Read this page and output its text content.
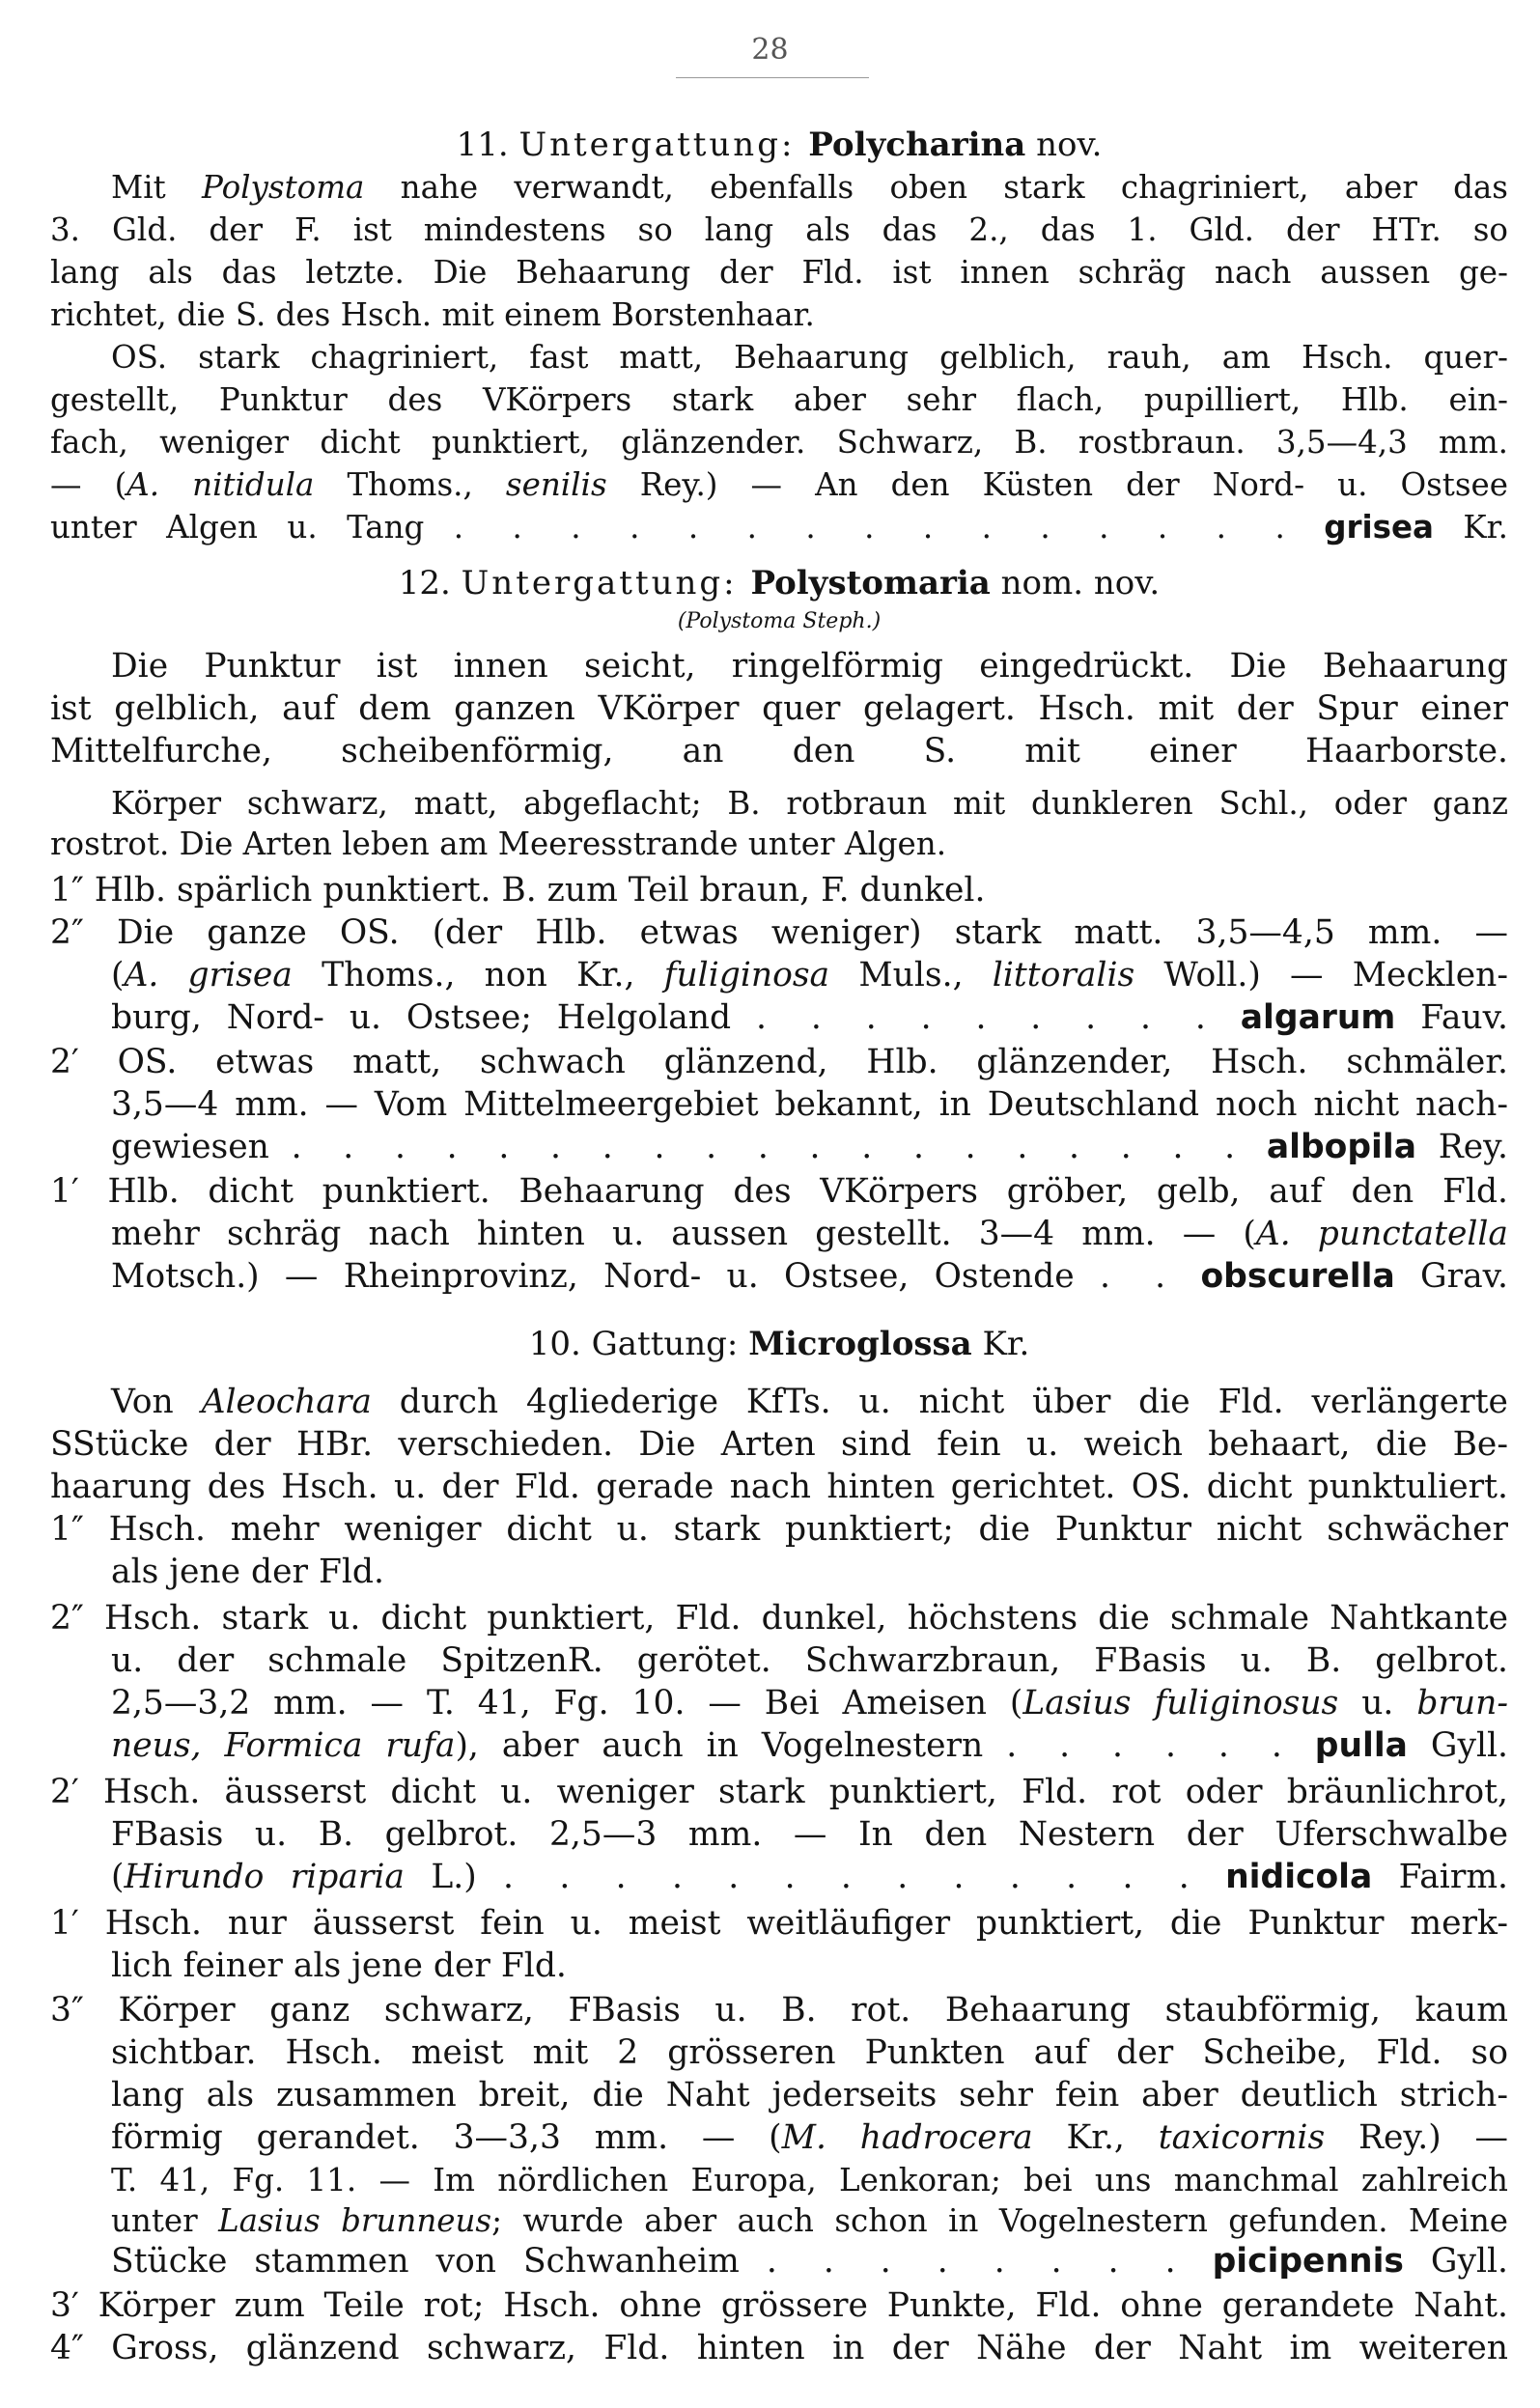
28
11. Untergattung: Polycharina nov.
Mit Polystoma nahe verwandt, ebenfalls oben stark chagriniert, aber das
3. Gld. der F. ist mindestens so lang als das 2., das 1. Gld. der HTr. so
lang als das letzte. Die Behaarung der Fld. ist innen schräg nach aussen ge-
richtet, die S. des Hsch. mit einem Borstenhaar.
OS. stark chagriniert, fast matt, Behaarung gelblich, rauh, am Hsch. quer-
gestellt, Punktur des VKörpers stark aber sehr flach, pupilliert, Hlb. ein-
fach, weniger dicht punktiert, glänzender. Schwarz, B. rostbraun. 3,5—4,3 mm.
— (A. nitidula Thoms., senilis Rey.) — An den Küsten der Nord- u. Ostsee
unter Algen u. Tang . . . . . . . . . . . . . . . grisea Kr.
12. Untergattung: Polystomaria nom. nov.
(Polystoma Steph.)
Die Punktur ist innen seicht, ringelförmig eingedrückt. Die Behaarung
ist gelblich, auf dem ganzen VKörper quer gelagert. Hsch. mit der Spur einer
Mittelfurche, scheibenförmig, an den S. mit einer Haarborste.
Körper schwarz, matt, abgeflacht; B. rotbraun mit dunkleren Schl., oder ganz
rostrot. Die Arten leben am Meeresstrande unter Algen.
1″ Hlb. spärlich punktiert. B. zum Teil braun, F. dunkel.
2″ Die ganze OS. (der Hlb. etwas weniger) stark matt. 3,5—4,5 mm. —
(A. grisea Thoms., non Kr., fuliginosa Muls., littoralis Woll.) — Mecklen-
burg, Nord- u. Ostsee; Helgoland . . . . . . . . . algarum Fauv.
2′ OS. etwas matt, schwach glänzend, Hlb. glänzender, Hsch. schmäler.
3,5—4 mm. — Vom Mittelmeergebiet bekannt, in Deutschland noch nicht nach-
gewiesen . . . . . . . . . . . . . . . . . . . albopila Rey.
1′ Hlb. dicht punktiert. Behaarung des VKörpers gröber, gelb, auf den Fld.
mehr schräg nach hinten u. aussen gestellt. 3—4 mm. — (A. punctatella
Motsch.) — Rheinprovinz, Nord- u. Ostsee, Ostende . . obscurella Grav.
10. Gattung: Microglossa Kr.
Von Aleochara durch 4gliederige KfTs. u. nicht über die Fld. verlängerte
SStücke der HBr. verschieden. Die Arten sind fein u. weich behaart, die Be-
haarung des Hsch. u. der Fld. gerade nach hinten gerichtet. OS. dicht punktuliert.
1″ Hsch. mehr weniger dicht u. stark punktiert; die Punktur nicht schwächer
als jene der Fld.
2″ Hsch. stark u. dicht punktiert, Fld. dunkel, höchstens die schmale Nahtkante
u. der schmale SpitzenR. gerötet. Schwarzbraun, FBasis u. B. gelbrot.
2,5—3,2 mm. — T. 41, Fg. 10. — Bei Ameisen (Lasius fuliginosus u. brun-
neus, Formica rufa), aber auch in Vogelnestern . . . . . . pulla Gyll.
2′ Hsch. äusserst dicht u. weniger stark punktiert, Fld. rot oder bräunlichrot,
FBasis u. B. gelbrot. 2,5—3 mm. — In den Nestern der Uferschwalbe
(Hirundo riparia L.) . . . . . . . . . . . . . nidicola Fairm.
1′ Hsch. nur äusserst fein u. meist weitläufiger punktiert, die Punktur merk-
lich feiner als jene der Fld.
3″ Körper ganz schwarz, FBasis u. B. rot. Behaarung staubförmig, kaum
sichtbar. Hsch. meist mit 2 grösseren Punkten auf der Scheibe, Fld. so
lang als zusammen breit, die Naht jederseits sehr fein aber deutlich strich-
förmig gerandet. 3—3,3 mm. — (M. hadrocera Kr., taxicornis Rey.) —
T. 41, Fg. 11. — Im nördlichen Europa, Lenkoran; bei uns manchmal zahlreich
unter Lasius brunneus; wurde aber auch schon in Vogelnestern gefunden. Meine
Stücke stammen von Schwanheim . . . . . . . . picipennis Gyll.
3′ Körper zum Teile rot; Hsch. ohne grössere Punkte, Fld. ohne gerandete Naht.
4″ Gross, glänzend schwarz, Fld. hinten in der Nähe der Naht im weiteren
